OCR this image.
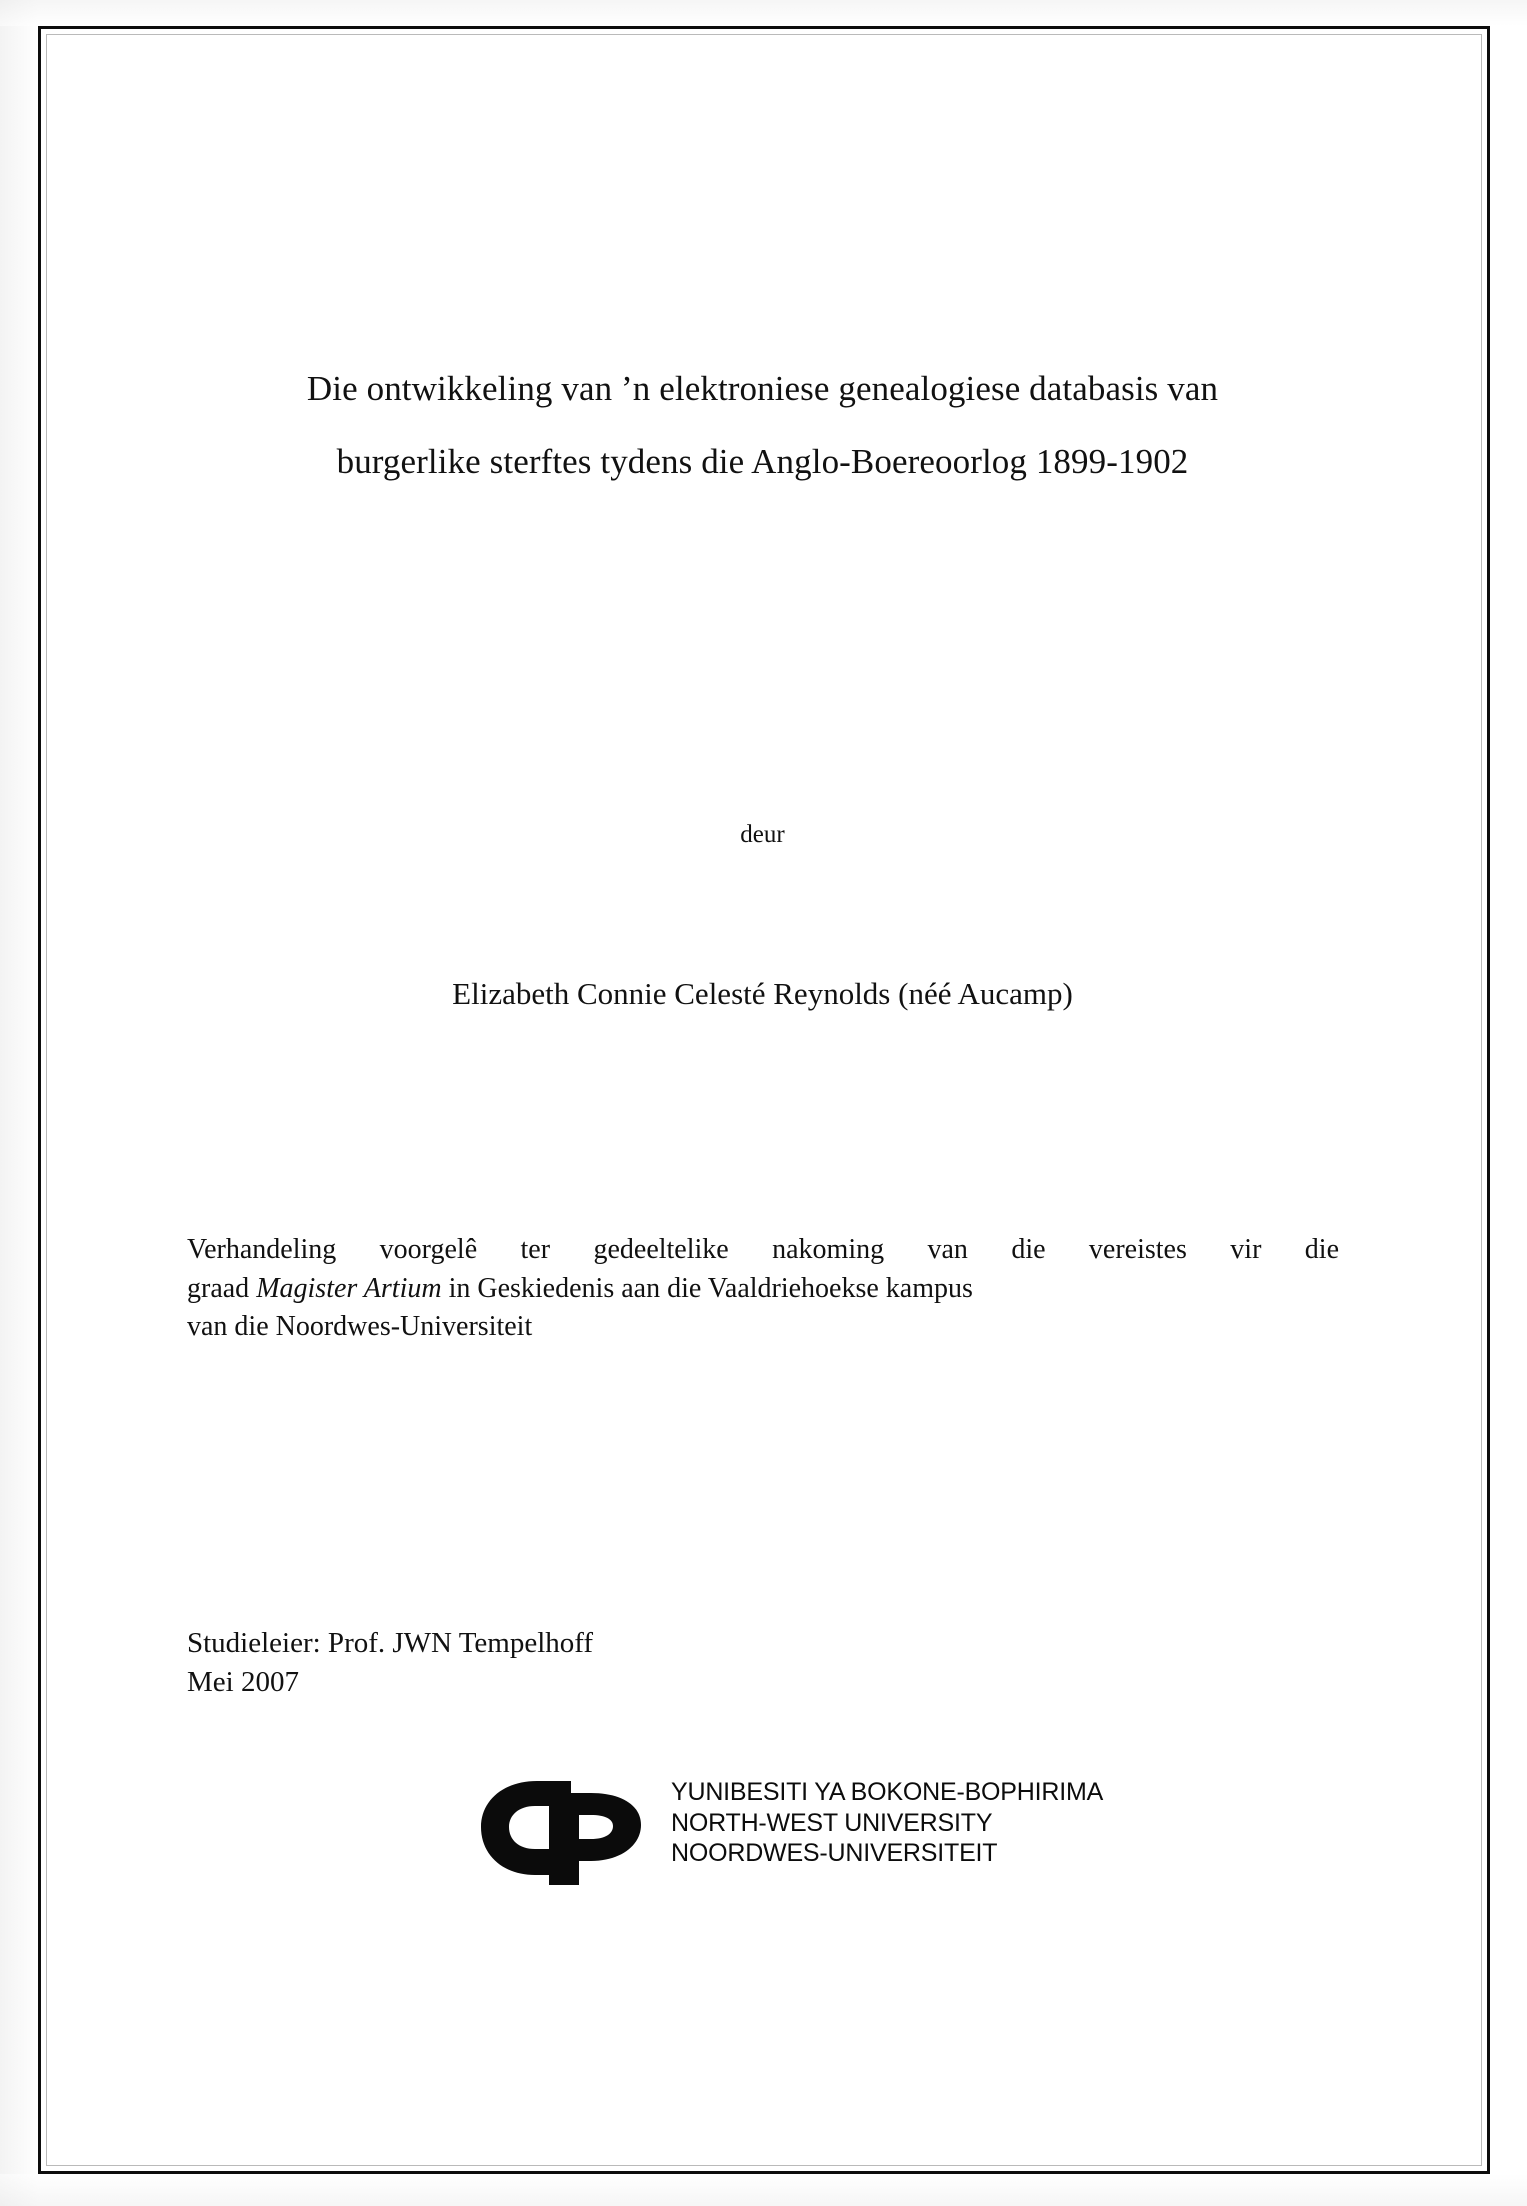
Die ontwikkeling van ’n elektroniese genealogiese databasis van
burgerlike sterftes tydens die Anglo-Boereoorlog 1899-1902
deur
Elizabeth Connie Celesté Reynolds (néé Aucamp)

Verhandeling voorgelê ter gedeeltelike nakoming van die vereistes vir die

graad Magister Artium in Geskiedenis aan die Vaaldriehoekse kampus

van die Noordwes-Universiteit

Studieleier: Prof. JWN Tempelhoff

Mei 2007

YUNIBESITI YA BOKONE-BOPHIRIMA
NORTH-WEST UNIVERSITY
NOORDWES-UNIVERSITEIT
